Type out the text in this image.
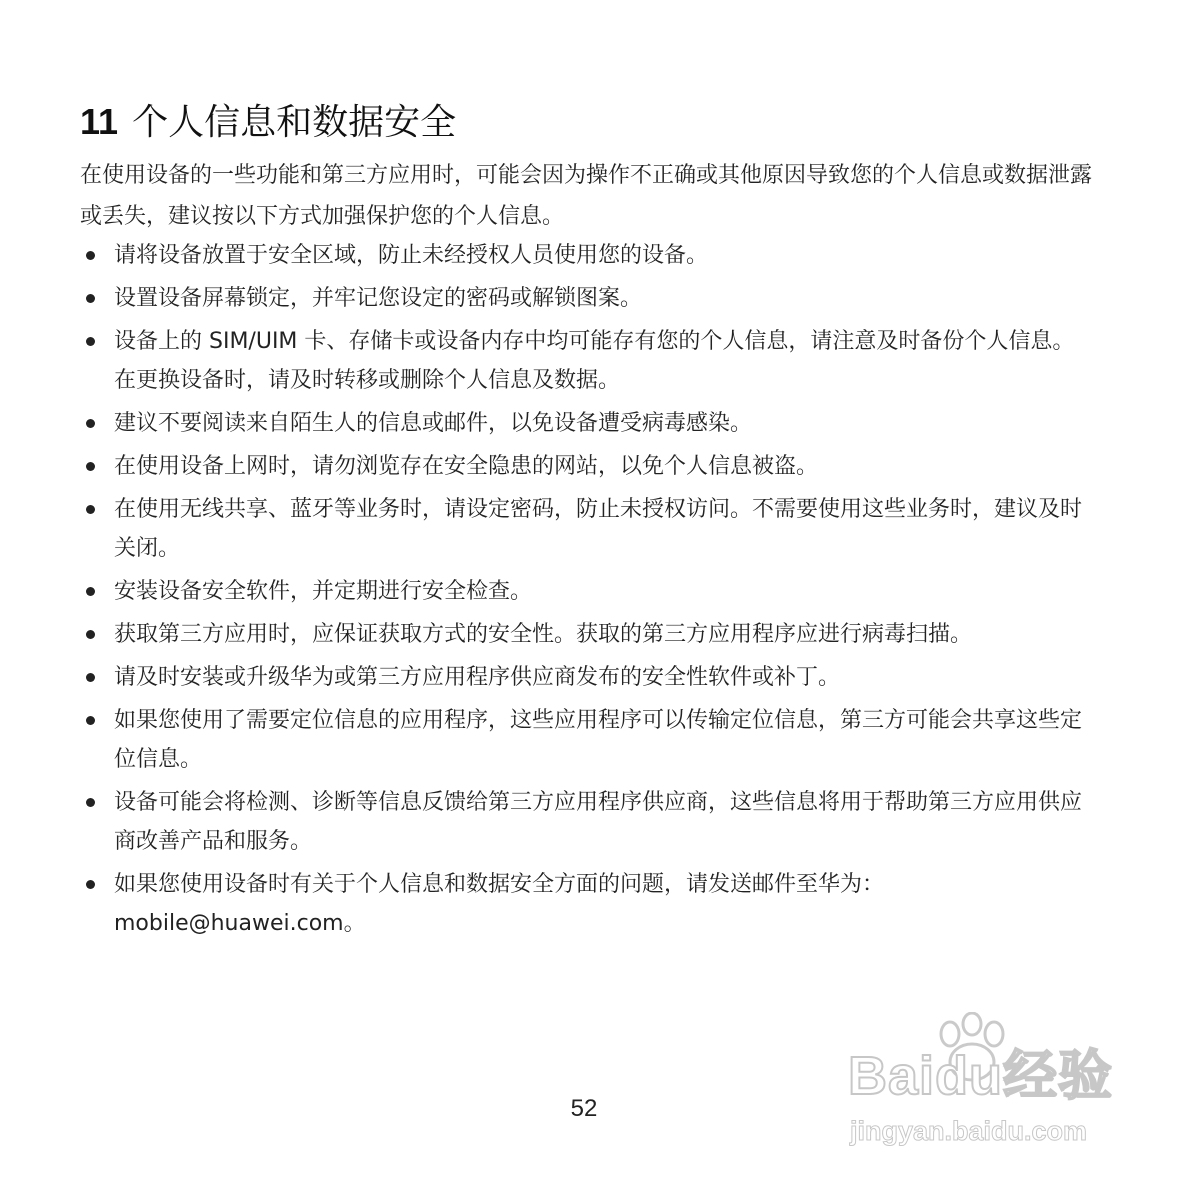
11 个人信息和数据安全
在使用设备的一些功能和第三方应用时，可能会因为操作不正确或其他原因导致您的个人信息或数据泄露或丢失，建议按以下方式加强保护您的个人信息。
请将设备放置于安全区域，防止未经授权人员使用您的设备。
设置设备屏幕锁定，并牢记您设定的密码或解锁图案。
设备上的 SIM/UIM 卡、存储卡或设备内存中均可能存有您的个人信息，请注意及时备份个人信息。在更换设备时，请及时转移或删除个人信息及数据。
建议不要阅读来自陌生人的信息或邮件，以免设备遭受病毒感染。
在使用设备上网时，请勿浏览存在安全隐患的网站，以免个人信息被盗。
在使用无线共享、蓝牙等业务时，请设定密码，防止未授权访问。不需要使用这些业务时，建议及时关闭。
安装设备安全软件，并定期进行安全检查。
获取第三方应用时，应保证获取方式的安全性。获取的第三方应用程序应进行病毒扫描。
请及时安装或升级华为或第三方应用程序供应商发布的安全性软件或补丁。
如果您使用了需要定位信息的应用程序，这些应用程序可以传输定位信息，第三方可能会共享这些定位信息。
设备可能会将检测、诊断等信息反馈给第三方应用程序供应商，这些信息将用于帮助第三方应用供应商改善产品和服务。
如果您使用设备时有关于个人信息和数据安全方面的问题，请发送邮件至华为：mobile@huawei.com。
52
Baidu经验
jingyan.baidu.com
